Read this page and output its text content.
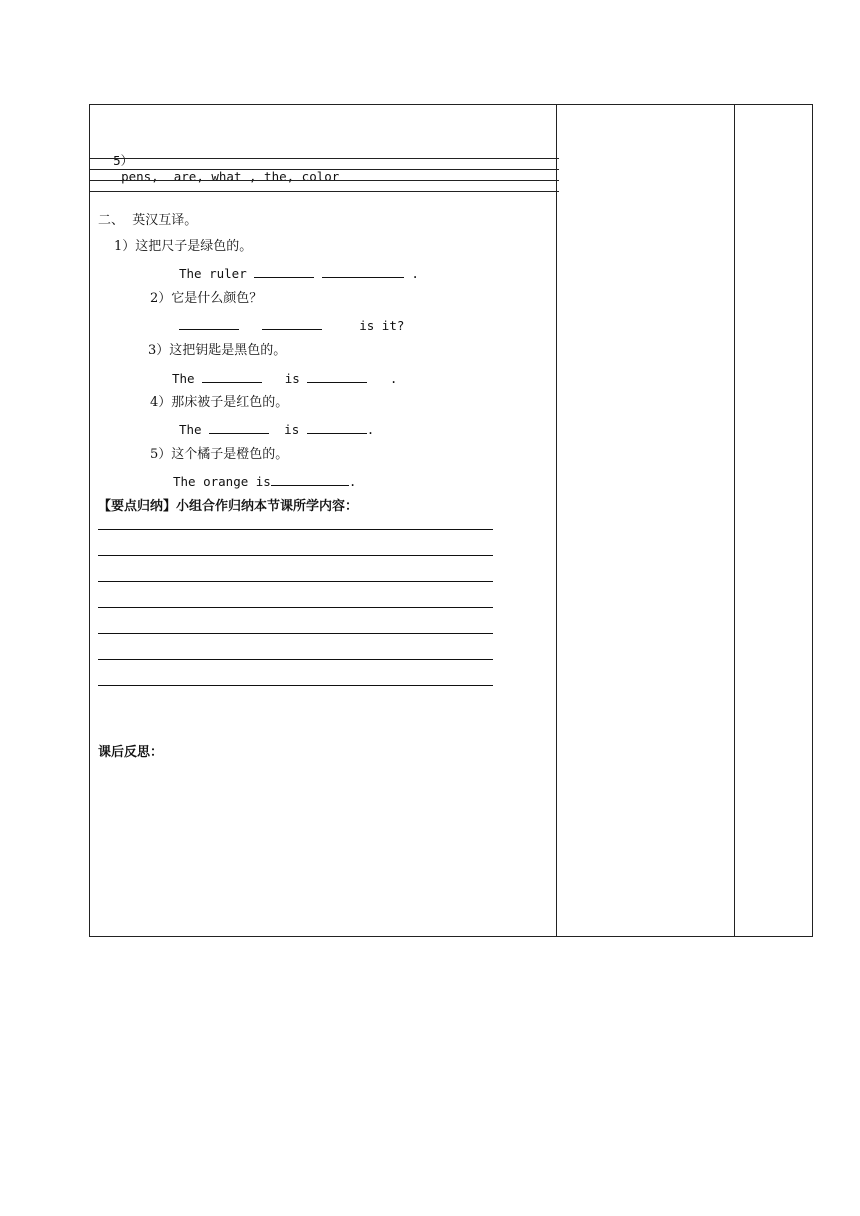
5）
pens,  are, what , the, color

二、  英汉互译。
1）这把尺子是绿色的。
The ruler	.
2）它是什么颜色？
is it?
3）这把钥匙是黑色的。
The	is	.
4）那床被子是红色的。
The	is	.
5）这个橘子是橙色的。
The orange is	.
【要点归纳】小组合作归纳本节课所学内容：
课后反思：
